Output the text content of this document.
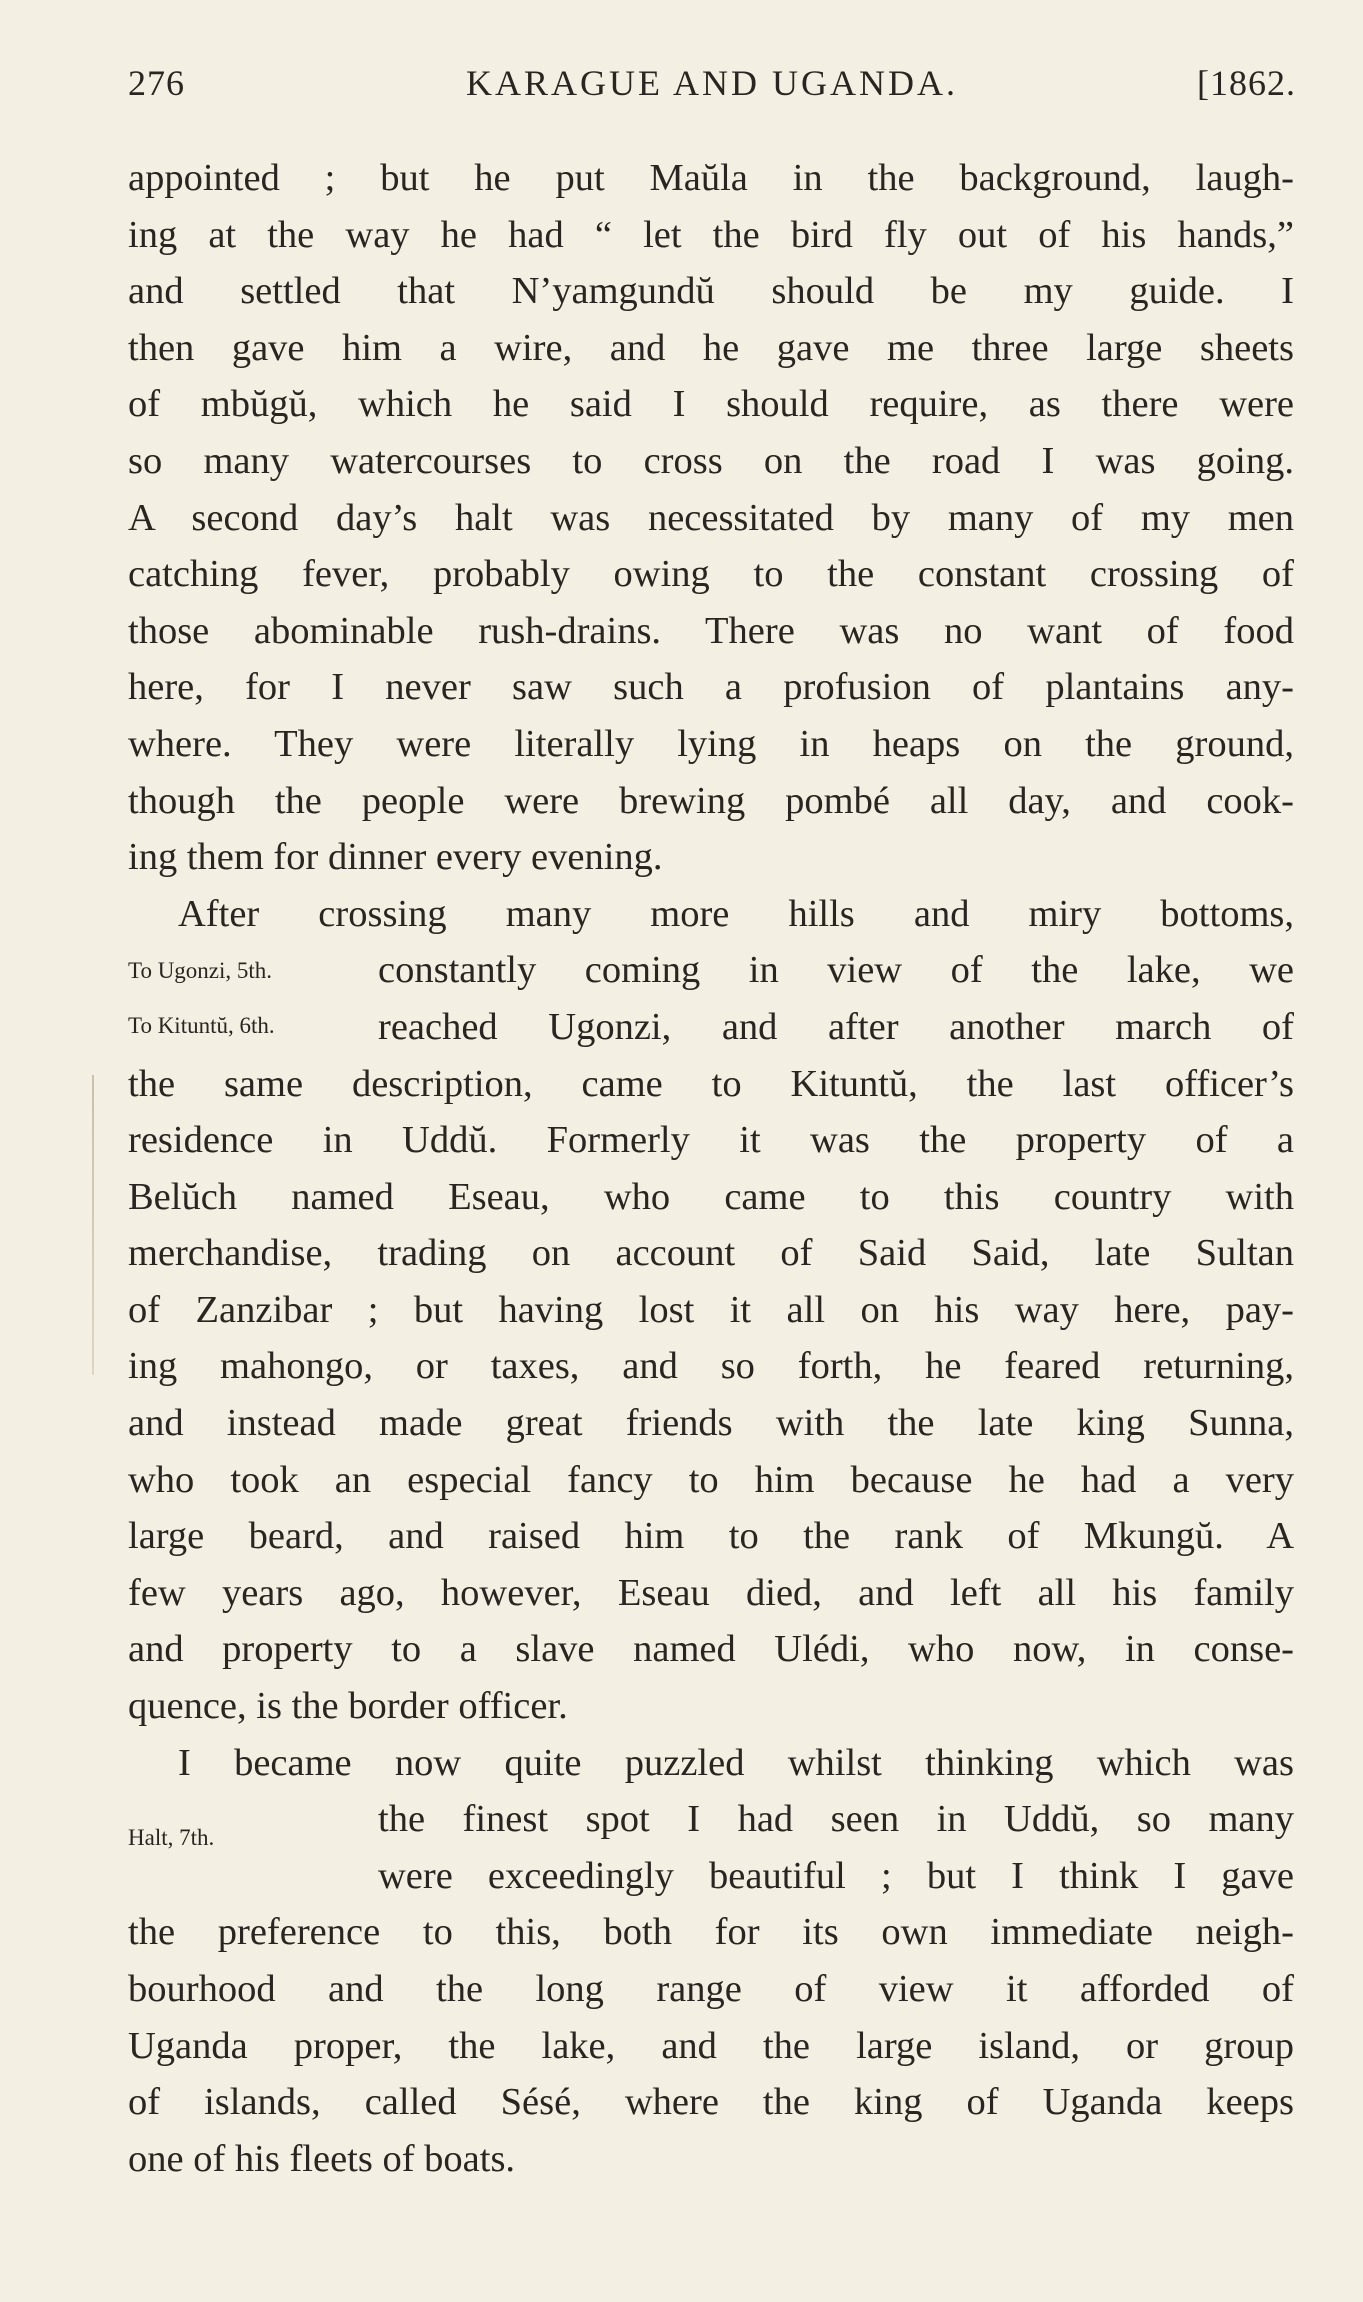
276	KARAGUE AND UGANDA.	[1862.
appointed ; but he put Maŭla in the background, laugh-
ing at the way he had “ let the bird fly out of his hands,”
and settled that N’yamgundŭ should be my guide. I
then gave him a wire, and he gave me three large sheets
of mbŭgŭ, which he said I should require, as there were
so many watercourses to cross on the road I was going.
A second day’s halt was necessitated by many of my men
catching fever, probably owing to the constant crossing of
those abominable rush-drains. There was no want of food
here, for I never saw such a profusion of plantains any-
where. They were literally lying in heaps on the ground,
though the people were brewing pombé all day, and cook-
ing them for dinner every evening.
After crossing many more hills and miry bottoms,
To Ugonzi, 5th.	constantly coming in view of the lake, we
To Kituntŭ, 6th.	reached Ugonzi, and after another march of
the same description, came to Kituntŭ, the last officer’s
residence in Uddŭ. Formerly it was the property of a
Belŭch named Eseau, who came to this country with
merchandise, trading on account of Said Said, late Sultan
of Zanzibar ; but having lost it all on his way here, pay-
ing mahongo, or taxes, and so forth, he feared returning,
and instead made great friends with the late king Sunna,
who took an especial fancy to him because he had a very
large beard, and raised him to the rank of Mkungŭ. A
few years ago, however, Eseau died, and left all his family
and property to a slave named Ulédi, who now, in conse-
quence, is the border officer.
I became now quite puzzled whilst thinking which was
Halt, 7th.	the finest spot I had seen in Uddŭ, so many
were exceedingly beautiful ; but I think I gave
the preference to this, both for its own immediate neigh-
bourhood and the long range of view it afforded of
Uganda proper, the lake, and the large island, or group
of islands, called Sésé, where the king of Uganda keeps
one of his fleets of boats.
